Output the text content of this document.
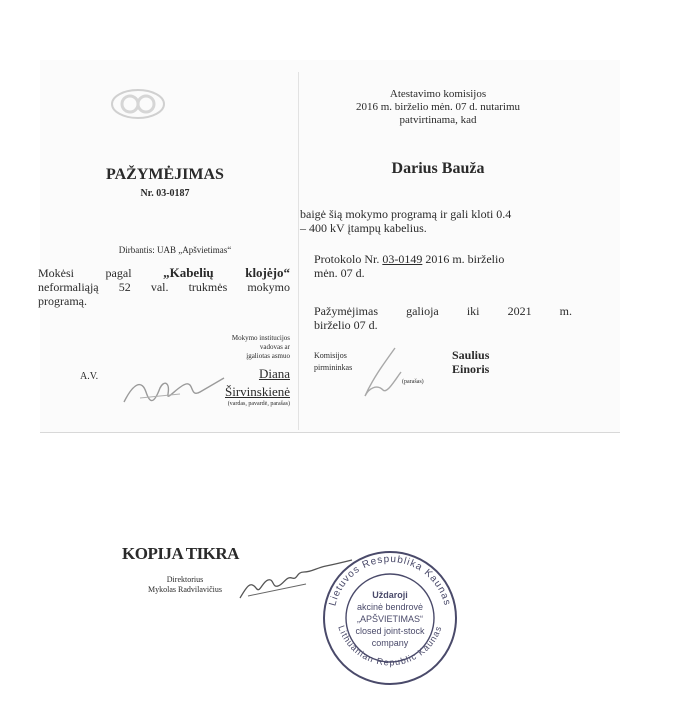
PAŽYMĖJIMAS
Nr. 03-0187
Dirbantis: UAB „Apšvietimas“
Mokėsi	pagal „Kabelių klojėjo“
neformaliąją 52 val. trukmės mokymo
programą.
Mokymo institucijos
vadovas ar
įgaliotas asmuo
A.V.	Diana
Širvinskienė
(vardas, pavardė, parašas)
Atestavimo komisijos
2016 m. birželio mėn. 07 d. nutarimu
patvirtinama, kad
Darius Bauža
baigė šią mokymo programą ir gali kloti 0.4
– 400 kV įtampų kabelius.
Protokolo Nr. 03-0149 2016 m. birželio
mėn. 07 d.
Pažymėjimas galioja iki 2021 m.
birželio 07 d.
Komisijos
pirmininkas
(parašas)
Saulius
Einoris
KOPIJA TIKRA
Direktorius
Mykolas Radvilavičius
Lietuvos Respublika Kaunas
Lithuanian Republic Kaunas
Uždaroji
akcinė bendrovė
„APŠVIETIMAS“
closed joint-stock
company
